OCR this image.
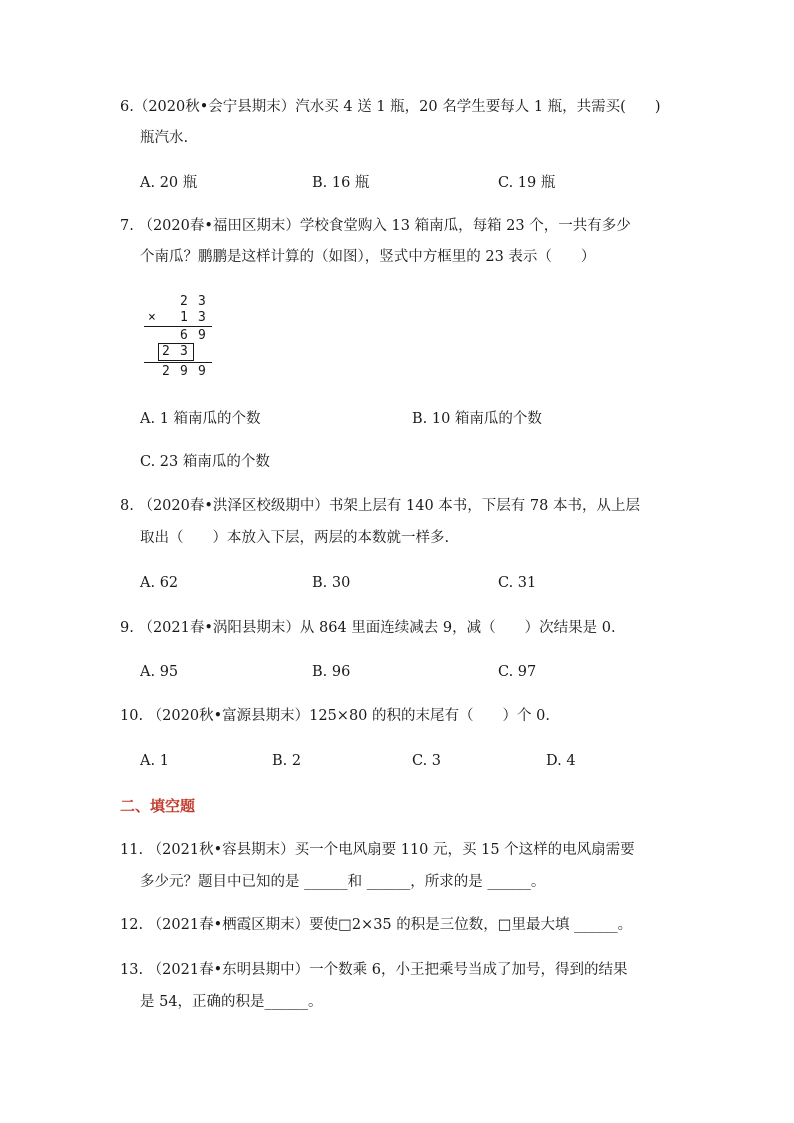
6.（2020秋•会宁县期末）汽水买 4 送 1 瓶，20 名学生要每人 1 瓶，共需买(　　)
瓶汽水.
A. 20 瓶	B. 16 瓶	C. 19 瓶
7. （2020春•福田区期末）学校食堂购入 13 箱南瓜，每箱 23 个，一共有多少
个南瓜？鹏鹏是这样计算的（如图），竖式中方框里的 23 表示（　　）
2 3
× 1 3
6 9
2 3
2 9 9
A. 1 箱南瓜的个数	B. 10 箱南瓜的个数
C. 23 箱南瓜的个数
8. （2020春•洪泽区校级期中）书架上层有 140 本书，下层有 78 本书，从上层
取出（　　）本放入下层，两层的本数就一样多.
A. 62	B. 30	C. 31
9. （2021春•涡阳县期末）从 864 里面连续减去 9，减（　　）次结果是 0.
A. 95	B. 96	C. 97
10. （2020秋•富源县期末）125×80 的积的末尾有（　　）个 0.
A. 1	B. 2	C. 3	D. 4
二、填空题
11. （2021秋•容县期末）买一个电风扇要 110 元，买 15 个这样的电风扇需要
多少元？题目中已知的是 ______和 ______，所求的是 ______。
12. （2021春•栖霞区期末）要使□2×35 的积是三位数，□里最大填 ______。
13. （2021春•东明县期中）一个数乘 6，小王把乘号当成了加号，得到的结果
是 54，正确的积是______。
